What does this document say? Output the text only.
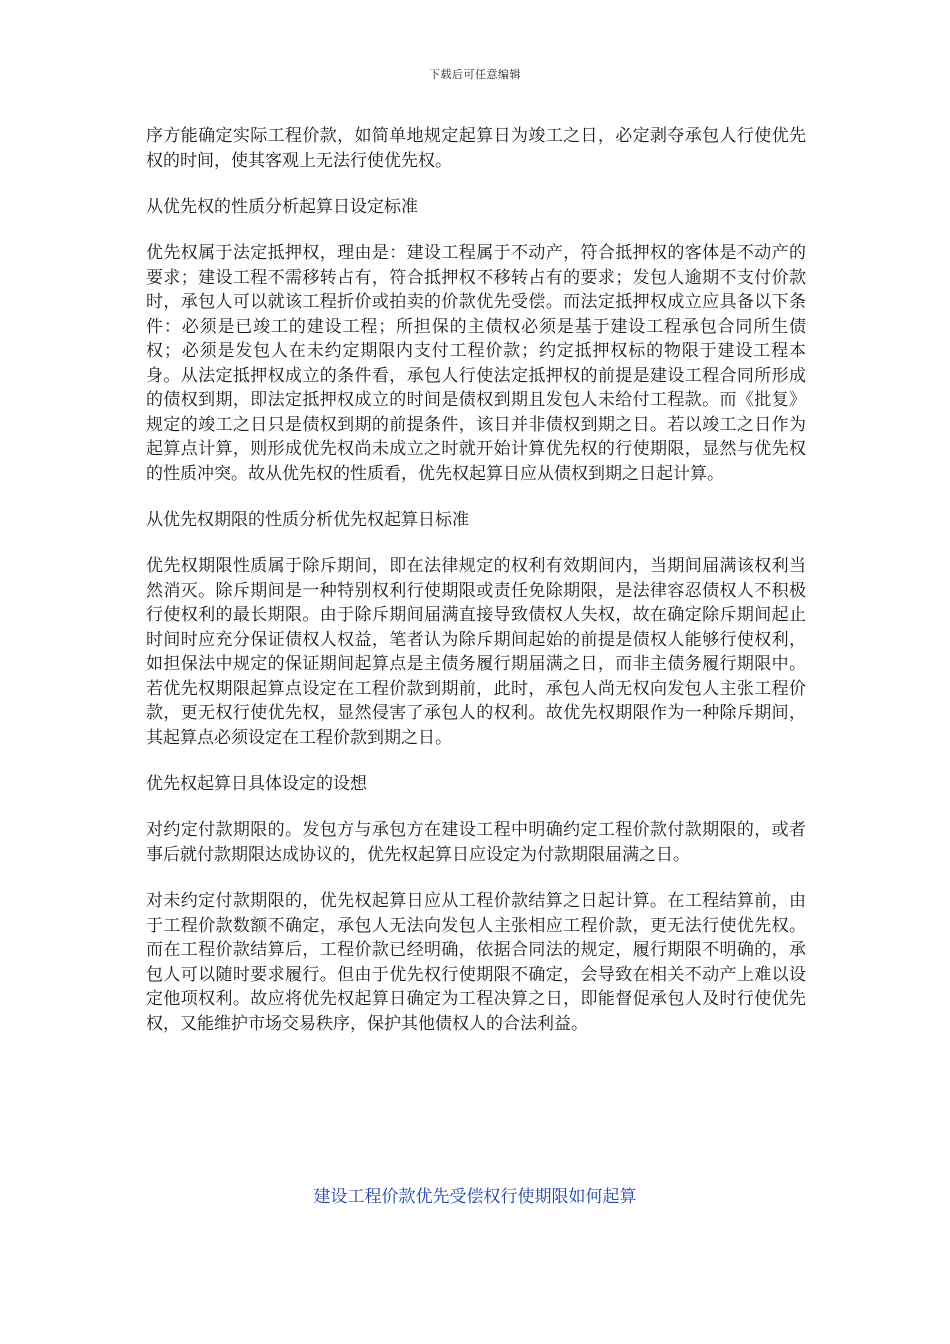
下载后可任意编辑

序方能确定实际工程价款，如简单地规定起算日为竣工之日，必定剥夺承包人行使优先权的时间，使其客观上无法行使优先权。

从优先权的性质分析起算日设定标准

优先权属于法定抵押权，理由是：建设工程属于不动产，符合抵押权的客体是不动产的要求；建设工程不需移转占有，符合抵押权不移转占有的要求；发包人逾期不支付价款时，承包人可以就该工程折价或拍卖的价款优先受偿。而法定抵押权成立应具备以下条件：必须是已竣工的建设工程；所担保的主债权必须是基于建设工程承包合同所生债权；必须是发包人在未约定期限内支付工程价款；约定抵押权标的物限于建设工程本身。从法定抵押权成立的条件看，承包人行使法定抵押权的前提是建设工程合同所形成的债权到期，即法定抵押权成立的时间是债权到期且发包人未给付工程款。而《批复》规定的竣工之日只是债权到期的前提条件，该日并非债权到期之日。若以竣工之日作为起算点计算，则形成优先权尚未成立之时就开始计算优先权的行使期限，显然与优先权的性质冲突。故从优先权的性质看，优先权起算日应从债权到期之日起计算。

从优先权期限的性质分析优先权起算日标准

优先权期限性质属于除斥期间，即在法律规定的权利有效期间内，当期间届满该权利当然消灭。除斥期间是一种特别权利行使期限或责任免除期限，是法律容忍债权人不积极行使权利的最长期限。由于除斥期间届满直接导致债权人失权，故在确定除斥期间起止时间时应充分保证债权人权益，笔者认为除斥期间起始的前提是债权人能够行使权利，如担保法中规定的保证期间起算点是主债务履行期届满之日，而非主债务履行期限中。若优先权期限起算点设定在工程价款到期前，此时，承包人尚无权向发包人主张工程价款，更无权行使优先权，显然侵害了承包人的权利。故优先权期限作为一种除斥期间，其起算点必须设定在工程价款到期之日。

优先权起算日具体设定的设想

对约定付款期限的。发包方与承包方在建设工程中明确约定工程价款付款期限的，或者事后就付款期限达成协议的，优先权起算日应设定为付款期限届满之日。

对未约定付款期限的，优先权起算日应从工程价款结算之日起计算。在工程结算前，由于工程价款数额不确定，承包人无法向发包人主张相应工程价款，更无法行使优先权。而在工程价款结算后，工程价款已经明确，依据合同法的规定，履行期限不明确的，承包人可以随时要求履行。但由于优先权行使期限不确定，会导致在相关不动产上难以设定他项权利。故应将优先权起算日确定为工程决算之日，即能督促承包人及时行使优先权，又能维护市场交易秩序，保护其他债权人的合法利益。

建设工程价款优先受偿权行使期限如何起算
